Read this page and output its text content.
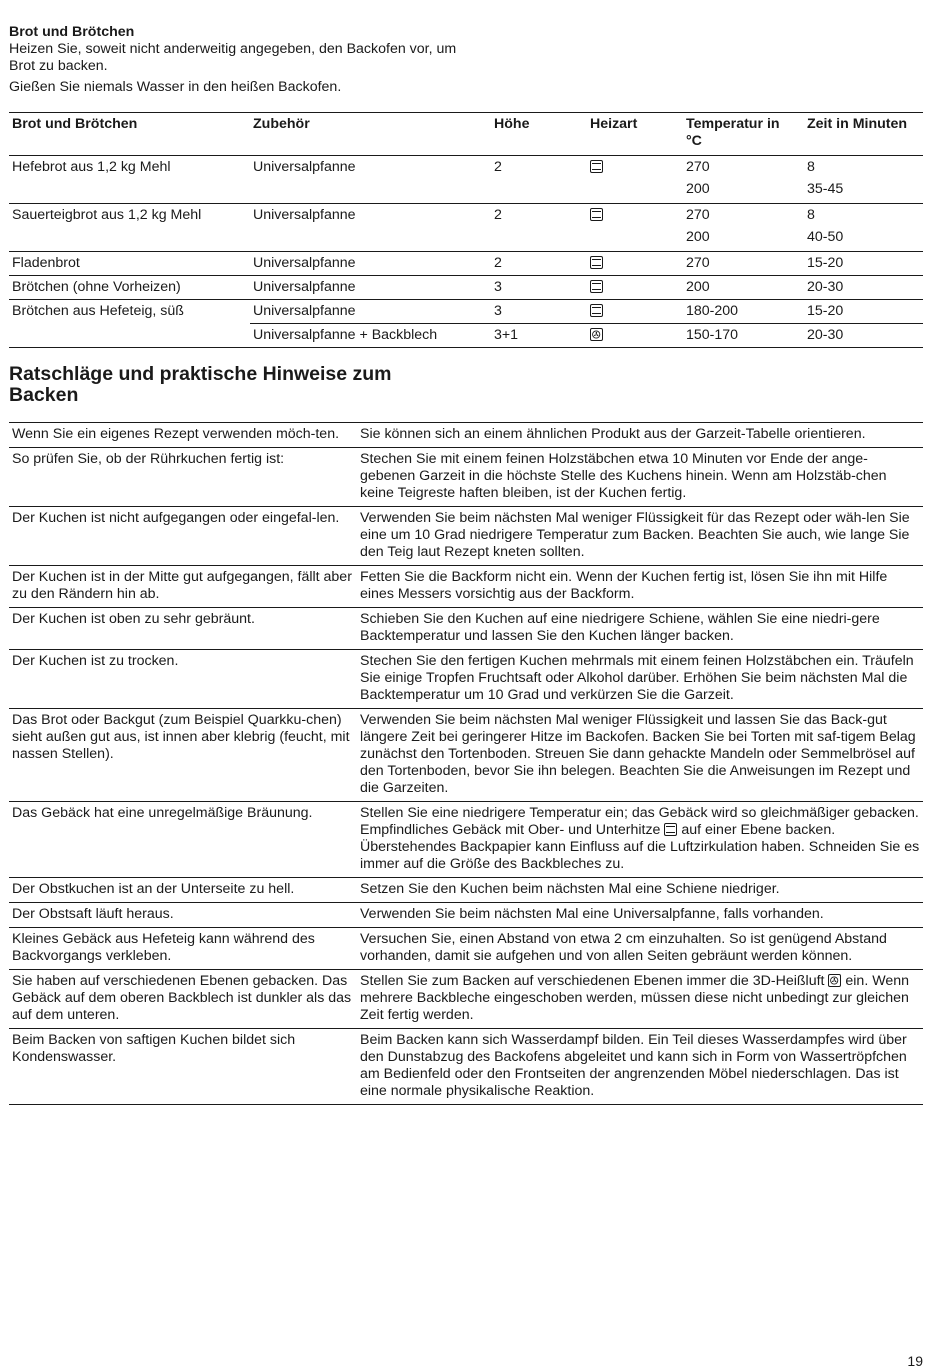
Brot und Brötchen

Heizen Sie, soweit nicht anderweitig angegeben, den Backofen vor, um Brot zu backen.

Gießen Sie niemals Wasser in den heißen Backofen.

Brot und Brötchen	Zubehör	Höhe	Heizart	Temperatur in °C	Zeit in Minuten
Hefebrot aus 1,2 kg Mehl	Universalpfanne	2		270	8
				200	35-45
Sauerteigbrot aus 1,2 kg Mehl	Universalpfanne	2		270	8
				200	40-50
Fladenbrot	Universalpfanne	2		270	15-20
Brötchen (ohne Vorheizen)	Universalpfanne	3		200	20-30
Brötchen aus Hefeteig, süß	Universalpfanne	3		180-200	15-20
	Universalpfanne + Backblech	3+1		150-170	20-30
Ratschläge und praktische Hinweise zum Backen
Wenn Sie ein eigenes Rezept verwenden möch-ten.	Sie können sich an einem ähnlichen Produkt aus der Garzeit-Tabelle orientieren.
So prüfen Sie, ob der Rührkuchen fertig ist:	Stechen Sie mit einem feinen Holzstäbchen etwa 10 Minuten vor Ende der ange-gebenen Garzeit in die höchste Stelle des Kuchens hinein. Wenn am Holzstäb-chen keine Teigreste haften bleiben, ist der Kuchen fertig.
Der Kuchen ist nicht aufgegangen oder eingefal-len.	Verwenden Sie beim nächsten Mal weniger Flüssigkeit für das Rezept oder wäh-len Sie eine um 10 Grad niedrigere Temperatur zum Backen. Beachten Sie auch, wie lange Sie den Teig laut Rezept kneten sollten.
Der Kuchen ist in der Mitte gut aufgegangen, fällt aber zu den Rändern hin ab.	Fetten Sie die Backform nicht ein. Wenn der Kuchen fertig ist, lösen Sie ihn mit Hilfe eines Messers vorsichtig aus der Backform.
Der Kuchen ist oben zu sehr gebräunt.	Schieben Sie den Kuchen auf eine niedrigere Schiene, wählen Sie eine niedri-gere Backtemperatur und lassen Sie den Kuchen länger backen.
Der Kuchen ist zu trocken.	Stechen Sie den fertigen Kuchen mehrmals mit einem feinen Holzstäbchen ein. Träufeln Sie einige Tropfen Fruchtsaft oder Alkohol darüber. Erhöhen Sie beim nächsten Mal die Backtemperatur um 10 Grad und verkürzen Sie die Garzeit.
Das Brot oder Backgut (zum Beispiel Quarkku-chen) sieht außen gut aus, ist innen aber klebrig (feucht, mit nassen Stellen).	Verwenden Sie beim nächsten Mal weniger Flüssigkeit und lassen Sie das Back-gut längere Zeit bei geringerer Hitze im Backofen. Backen Sie bei Torten mit saf-tigem Belag zunächst den Tortenboden. Streuen Sie dann gehackte Mandeln oder Semmelbrösel auf den Tortenboden, bevor Sie ihn belegen. Beachten Sie die Anweisungen im Rezept und die Garzeiten.
Das Gebäck hat eine unregelmäßige Bräunung.	Stellen Sie eine niedrigere Temperatur ein; das Gebäck wird so gleichmäßiger gebacken. Empfindliches Gebäck mit Ober- und Unterhitze auf einer Ebene backen. Überstehendes Backpapier kann Einfluss auf die Luftzirkulation haben. Schneiden Sie es immer auf die Größe des Backbleches zu.
Der Obstkuchen ist an der Unterseite zu hell.	Setzen Sie den Kuchen beim nächsten Mal eine Schiene niedriger.
Der Obstsaft läuft heraus.	Verwenden Sie beim nächsten Mal eine Universalpfanne, falls vorhanden.
Kleines Gebäck aus Hefeteig kann während des Backvorgangs verkleben.	Versuchen Sie, einen Abstand von etwa 2 cm einzuhalten. So ist genügend Abstand vorhanden, damit sie aufgehen und von allen Seiten gebräunt werden können.
Sie haben auf verschiedenen Ebenen gebacken. Das Gebäck auf dem oberen Backblech ist dunkler als das auf dem unteren.	Stellen Sie zum Backen auf verschiedenen Ebenen immer die 3D-Heißluft ein. Wenn mehrere Backbleche eingeschoben werden, müssen diese nicht unbedingt zur gleichen Zeit fertig werden.
Beim Backen von saftigen Kuchen bildet sich Kondenswasser.	Beim Backen kann sich Wasserdampf bilden. Ein Teil dieses Wasserdampfes wird über den Dunstabzug des Backofens abgeleitet und kann sich in Form von Wassertröpfchen am Bedienfeld oder den Frontseiten der angrenzenden Möbel niederschlagen. Das ist eine normale physikalische Reaktion.
19
